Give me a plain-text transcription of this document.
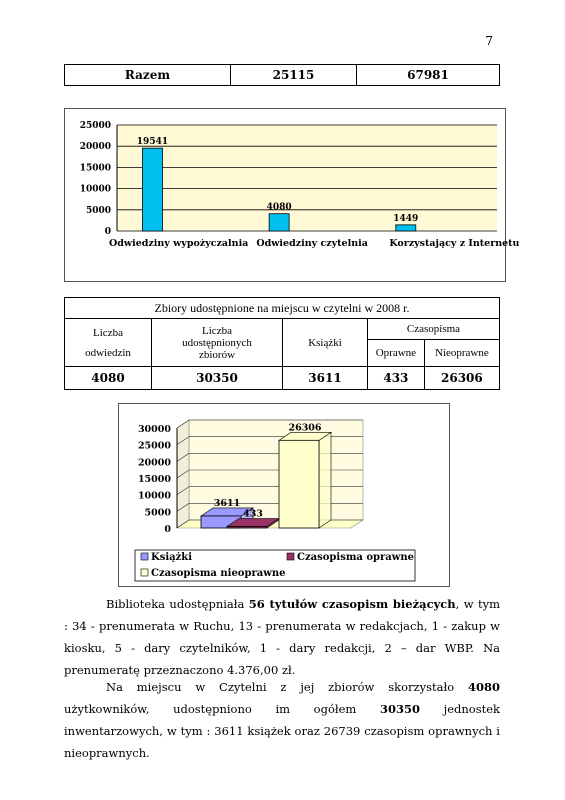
7
Razem	25115	67981
0
5000
10000
15000
20000
25000
19541
Odwiedziny wypożyczalnia
4080
Odwiedziny czytelnia
1449
Korzystający z Internetu
Zbiory udostępnione na miejscu w czytelni w 2008 r.				

Liczba
odwiedzin	Liczba udostępnionych zbiorów	Książki	Czasopisma	
			Oprawne	Nieoprawne
4080	30350	3611	433	26306
0
5000
10000
15000
20000
25000
30000
3611
433
26306
Książki	Czasopisma oprawne
Czasopisma nieoprawne
Biblioteka udostępniała 56 tytułów czasopism bieżących, w tym : 34 - prenumerata w Ruchu, 13 - prenumerata w redakcjach, 1 - zakup w kiosku, 5 - dary czytelników, 1 - dary redakcji, 2 – dar WBP. Na prenumeratę przeznaczono 4.376,00 zł.
Na miejscu w Czytelni z jej zbiorów skorzystało 4080 użytkowników, udostępniono im ogółem 30350 jednostek inwentarzowych, w tym : 3611 książek oraz 26739 czasopism oprawnych i nieoprawnych.
